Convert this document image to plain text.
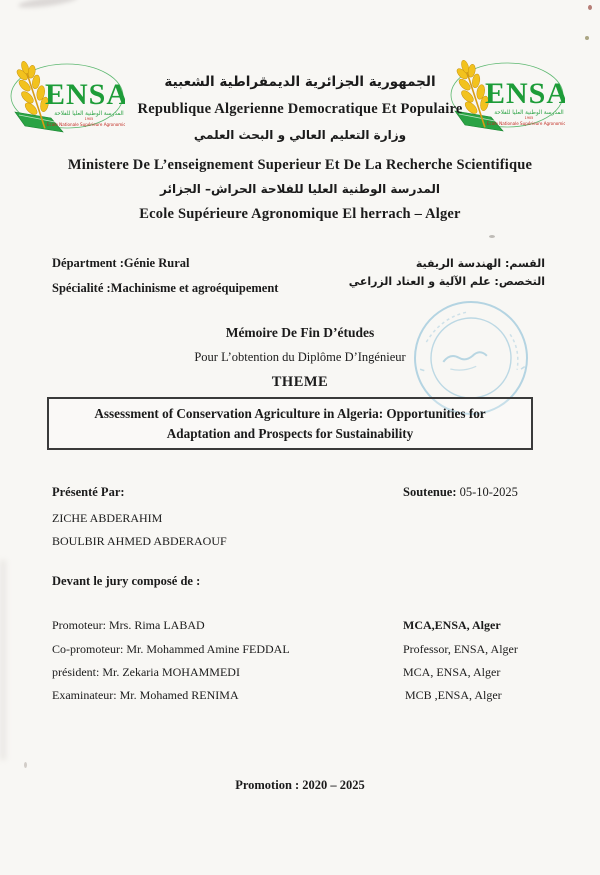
ENSA
المدرسة الوطنية العليا للفلاحة
1905
Ecole Nationale Supérieure Agronomique
ENSA
المدرسة الوطنية العليا للفلاحة
1905
Ecole Nationale Supérieure Agronomique
الجمهورية الجزائرية الديمقراطية الشعبية
Republique Algerienne Democratique Et Populaire
وزارة التعليم العالي و البحث العلمي
Ministere De L’enseignement Superieur Et De La Recherche Scientifique
المدرسة الوطنية العليا للفلاحة الحراش– الجزائر
Ecole Supérieure Agronomique El herrach – Alger
Départment :Génie Rural
Spécialité :Machinisme et agroéquipement
القسم: الهندسة الريفية
التخصص: علم الآلية و العتاد الزراعي
Mémoire De Fin D’études
Pour L’obtention du Diplôme D’Ingénieur
THEME
Assessment of Conservation Agriculture in Algeria: Opportunities for
Adaptation and Prospects for Sustainability
Présenté Par:	Soutenue: 05-10-2025
ZICHE ABDERAHIM
BOULBIR AHMED ABDERAOUF
Devant le jury composé de :
Promoteur: Mrs. Rima LABAD	MCA,ENSA, Alger
Co-promoteur: Mr. Mohammed Amine FEDDAL	Professor, ENSA, Alger
président: Mr. Zekaria MOHAMMEDI	MCA, ENSA, Alger
Examinateur: Mr. Mohamed RENIMA	MCB ,ENSA, Alger
Promotion : 2020 – 2025
